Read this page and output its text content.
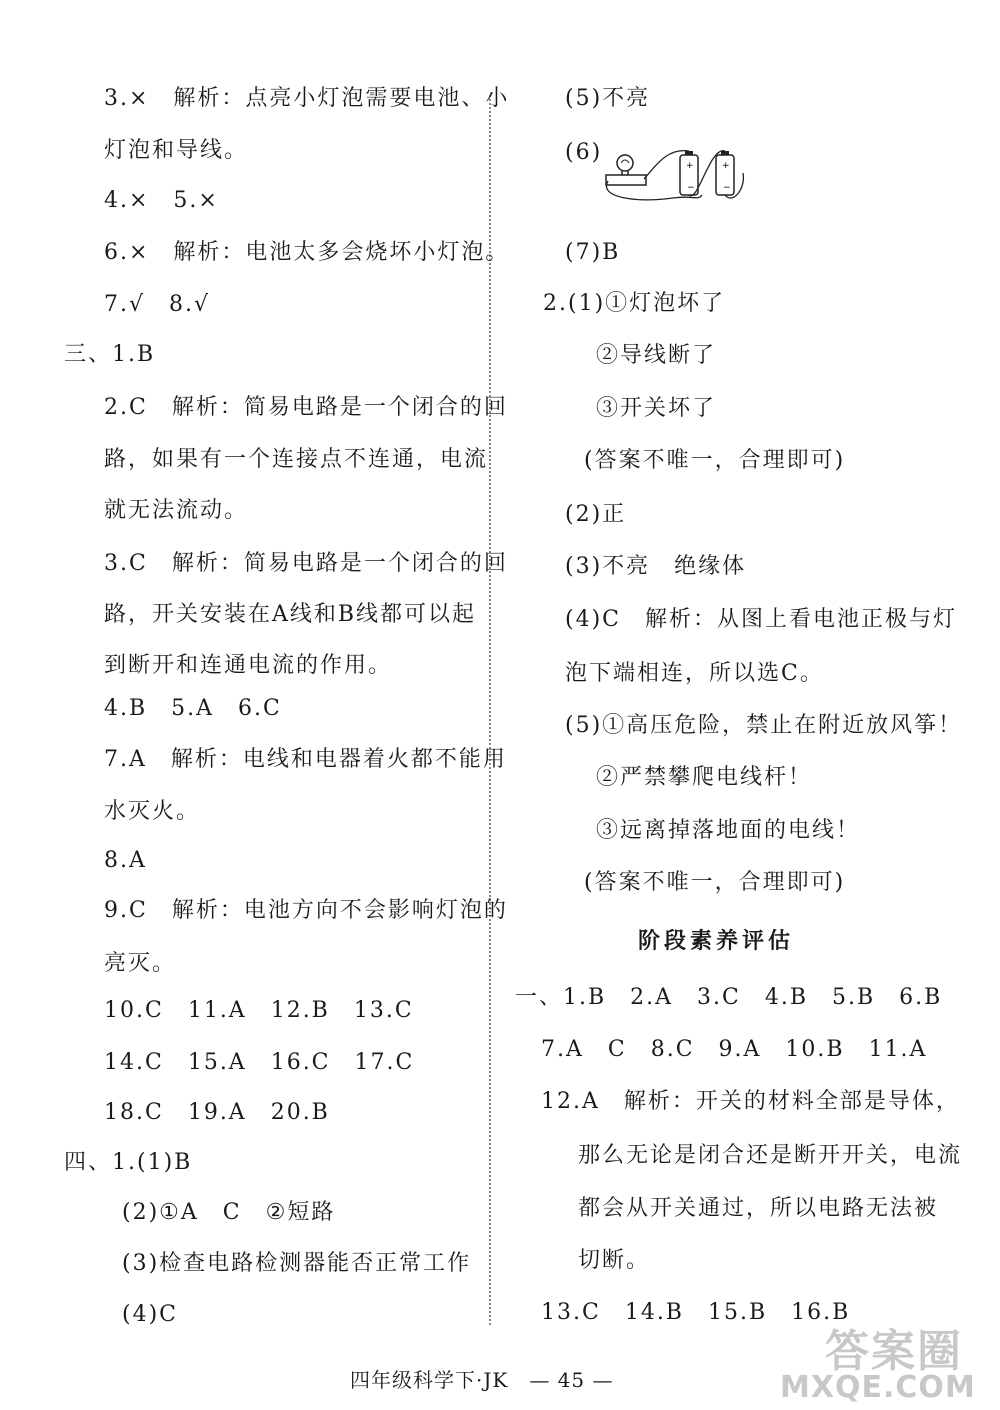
3.×　解析：点亮小灯泡需要电池、小
灯泡和导线。
4.×　5.×
6.×　解析：电池太多会烧坏小灯泡。
7.√　8.√
三、1.B
2.C　解析：简易电路是一个闭合的回
路，如果有一个连接点不连通，电流
就无法流动。
3.C　解析：简易电路是一个闭合的回
路，开关安装在A线和B线都可以起
到断开和连通电流的作用。
4.B　5.A　6.C
7.A　解析：电线和电器着火都不能用
水灭火。
8.A
9.C　解析：电池方向不会影响灯泡的
亮灭。
10.C　11.A　12.B　13.C
14.C　15.A　16.C　17.C
18.C　19.A　20.B
四、1.(1)B
(2)①A　C　②短路
(3)检查电路检测器能否正常工作
(4)C
(5)不亮
(6)
+
−
+
−
(7)B
2.(1)①灯泡坏了
②导线断了
③开关坏了
(答案不唯一，合理即可)
(2)正
(3)不亮　绝缘体
(4)C　解析：从图上看电池正极与灯
泡下端相连，所以选C。
(5)①高压危险，禁止在附近放风筝！
②严禁攀爬电线杆！
③远离掉落地面的电线！
(答案不唯一，合理即可)
阶段素养评估
一、1.B　2.A　3.C　4.B　5.B　6.B
7.A　C　8.C　9.A　10.B　11.A
12.A　解析：开关的材料全部是导体，
那么无论是闭合还是断开开关，电流
都会从开关通过，所以电路无法被
切断。
13.C　14.B　15.B　16.B
四年级科学下·JK　— 45 —
答案圈
MXQE.COM
